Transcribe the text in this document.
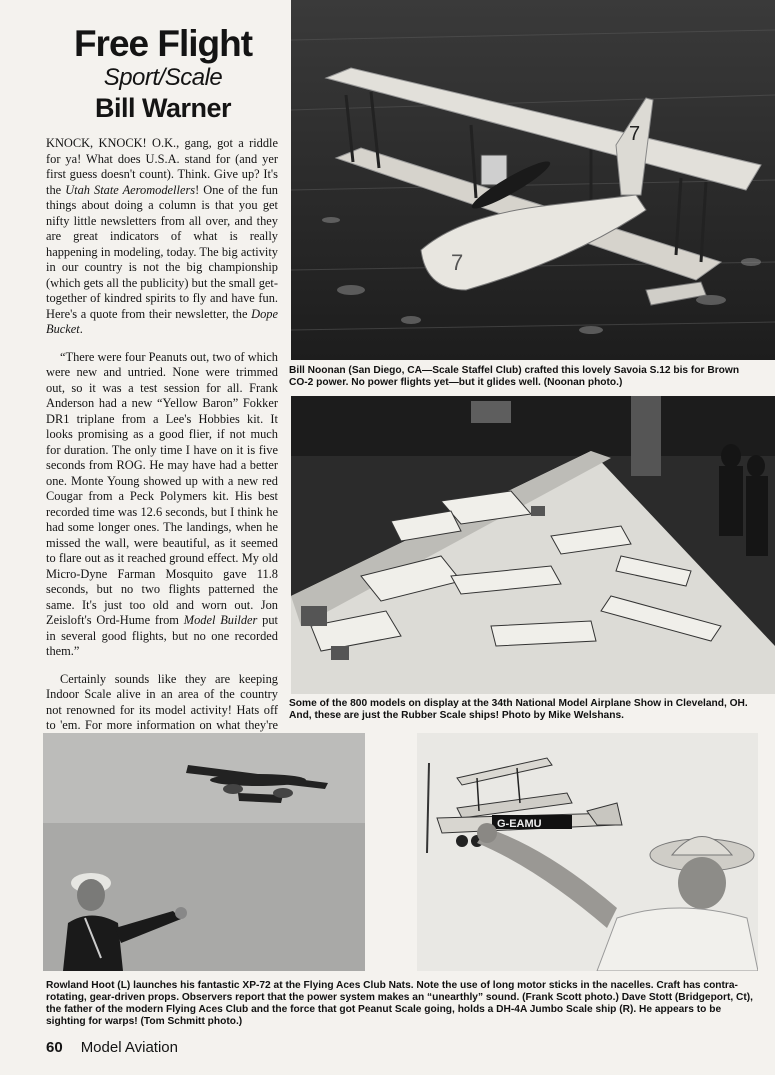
Free Flight
Sport/Scale
Bill Warner

KNOCK, KNOCK! O.K., gang, got a riddle for ya! What does U.S.A. stand for (and yer first guess doesn't count). Think. Give up? It's the Utah State Aeromodellers! One of the fun things about doing a column is that you get nifty little newsletters from all over, and they are great indicators of what is really happening in modeling, today. The big activity in our country is not the big championship (which gets all the publicity) but the small get-together of kindred spirits to fly and have fun. Here's a quote from their newsletter, the Dope Bucket.

“There were four Peanuts out, two of which were new and untried. None were trimmed out, so it was a test session for all. Frank Anderson had a new “Yellow Baron” Fokker DR1 triplane from a Lee's Hobbies kit. It looks promising as a good flier, if not much for duration. The only time I have on it is five seconds from ROG. He may have had a better one. Monte Young showed up with a new red Cougar from a Peck Polymers kit. His best recorded time was 12.6 seconds, but I think he had some longer ones. The landings, when he missed the wall, were beautiful, as it seemed to flare out as it reached ground effect. My old Micro-Dyne Farman Mosquito gave 11.8 seconds, but no two flights patterned the same. It's just too old and worn out. Jon Zeisloft's Ord-Hume from Model Builder put in several good flights, but no one recorded them.”

Certainly sounds like they are keeping Indoor Scale alive in an area of the country not renowned for its model activity! Hats off to 'em. For more information on what they're

7
7
Bill Noonan (San Diego, CA—Scale Staffel Club) crafted this lovely Savoia S.12 bis for Brown CO-2 power. No power flights yet—but it glides well. (Noonan photo.)
Some of the 800 models on display at the 34th National Model Airplane Show in Cleveland, OH. And, these are just the Rubber Scale ships! Photo by Mike Welshans.
G-EAMU
Rowland Hoot (L) launches his fantastic XP-72 at the Flying Aces Club Nats. Note the use of long motor sticks in the nacelles. Craft has contra-rotating, gear-driven props. Observers report that the power system makes an “unearthly” sound. (Frank Scott photo.) Dave Stott (Bridgeport, Ct), the father of the modern Flying Aces Club and the force that got Peanut Scale going, holds a DH-4A Jumbo Scale ship (R). He appears to be sighting for warps! (Tom Schmitt photo.)
60 Model Aviation
